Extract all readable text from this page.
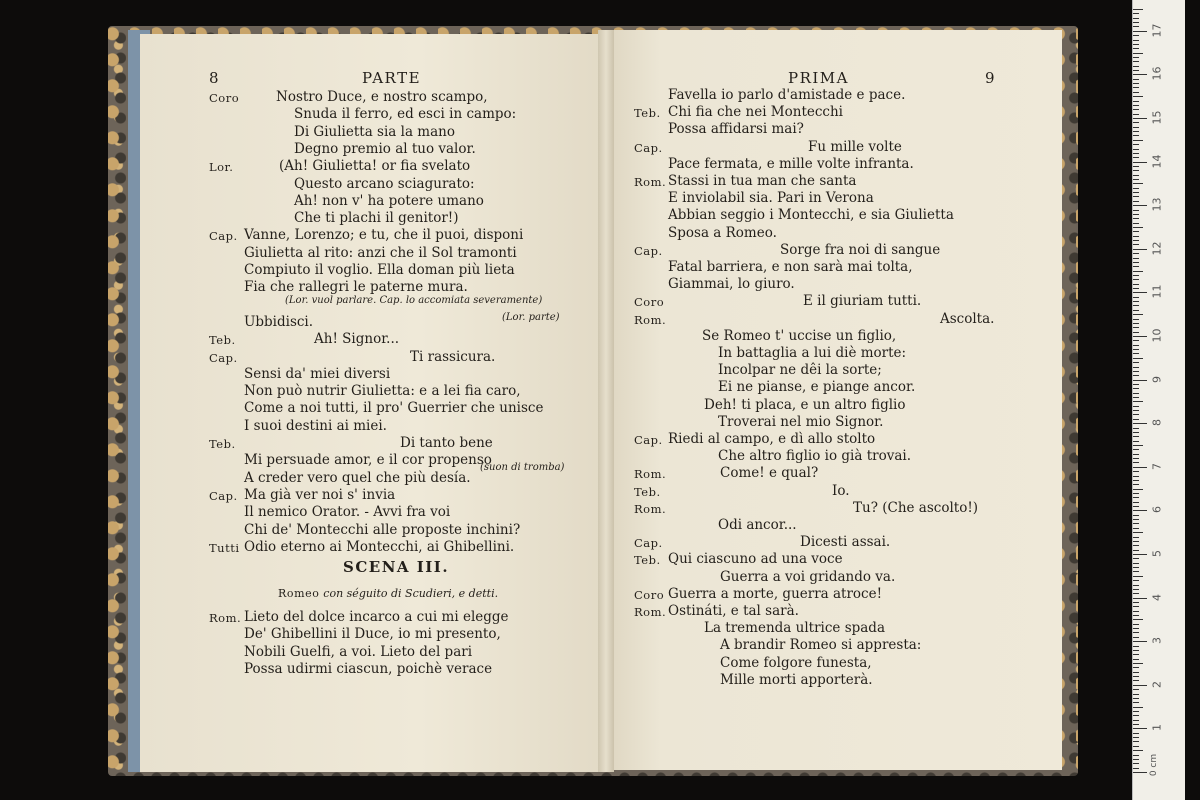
8	PARTE
Coro	Nostro Duce, e nostro scampo,
Snuda il ferro, ed esci in campo:
Di Giulietta sia la mano
Degno premio al tuo valor.
Lor.	(Ah! Giulietta! or fia svelato
Questo arcano sciagurato:
Ah! non v' ha potere umano
Che ti plachi il genitor!)
Cap. Vanne, Lorenzo; e tu, che il puoi, disponi
Giulietta al rito: anzi che il Sol tramonti
Compiuto il voglio. Ella doman più lieta
Fia che rallegri le paterne mura.
Ubbidisci.
Teb.	Ah! Signor...
Cap.	Ti rassicura.
Sensi da' miei diversi
Non può nutrir Giulietta: e a lei fia caro,
Come a noi tutti, il pro' Guerrier che unisce
I suoi destini ai miei.
Teb.	Di tanto bene
Mi persuade amor, e il cor propenso
A creder vero quel che più desía.
Cap. Ma già ver noi s' invia
Il nemico Orator. - Avvi fra voi
Chi de' Montecchi alle proposte inchini?
Tutti Odio eterno ai Montecchi, ai Ghibellini.
(Lor. vuol parlare. Cap. lo accomiata severamente)
(Lor. parte)
(suon di tromba)
SCENA III.
Romeo con séguito di Scudieri, e detti.
Rom. Lieto del dolce incarco a cui mi elegge
De' Ghibellini il Duce, io mi presento,
Nobili Guelfi, a voi. Lieto del pari
Possa udirmi ciascun, poichè verace
PRIMA	9
Favella io parlo d'amistade e pace.
Teb. Chi fia che nei Montecchi
Possa affidarsi mai?
Cap.	Fu mille volte
Pace fermata, e mille volte infranta.
Rom. Stassi in tua man che santa
E inviolabil sia. Pari in Verona
Abbian seggio i Montecchi, e sia Giulietta
Sposa a Romeo.
Cap.	Sorge fra noi di sangue
Fatal barriera, e non sarà mai tolta,
Giammai, lo giuro.
Coro	E il giuriam tutti.
Rom.	Ascolta.
Se Romeo t' uccise un figlio,
In battaglia a lui diè morte:
Incolpar ne dêi la sorte;
Ei ne pianse, e piange ancor.
Deh! ti placa, e un altro figlio
Troverai nel mio Signor.
Cap. Riedi al campo, e dì allo stolto
Che altro figlio io già trovai.
Rom.	Come! e qual?
Teb.	Io.
Rom.	Tu? (Che ascolto!)
Odi ancor...
Cap.	Dicesti assai.
Teb. Qui ciascuno ad una voce
Guerra a voi gridando va.
Coro Guerra a morte, guerra atroce!
Rom. Ostináti, e tal sarà.
La tremenda ultrice spada
A brandir Romeo si appresta:
Come folgore funesta,
Mille morti apporterà.
17
16
15
14
13
12
11
10
9
8
7
6
5
4
3
2
1
0 cm
